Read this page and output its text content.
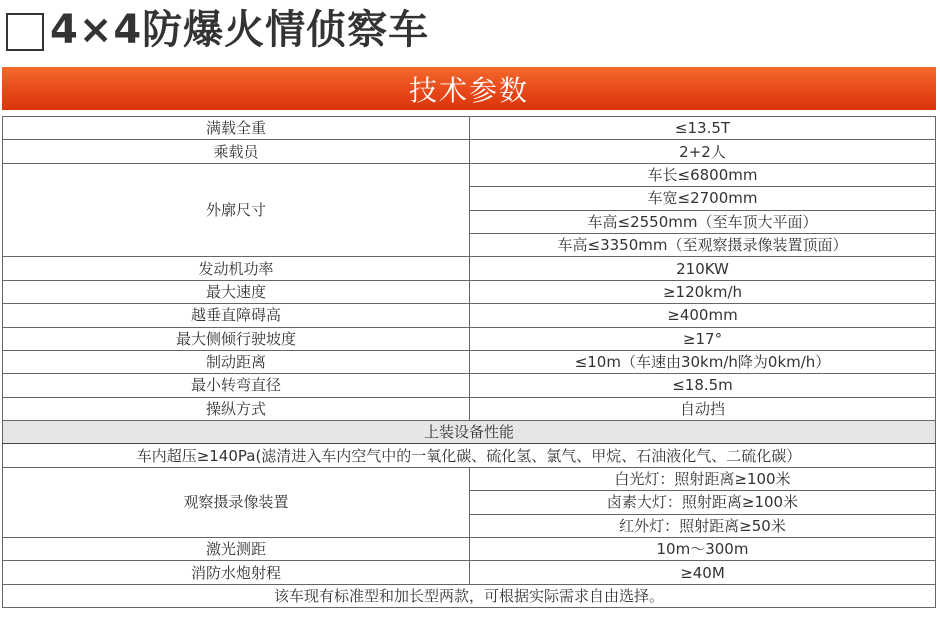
4×4防爆火情侦察车
技术参数
满载全重	≤13.5T
乘载员	2+2人
外廓尺寸	车长≤6800mm
	车宽≤2700mm
	车高≤2550mm（至车顶大平面）
	车高≤3350mm（至观察摄录像装置顶面）
发动机功率	210KW
最大速度	≥120km/h
越垂直障碍高	≥400mm
最大侧倾行驶坡度	≥17°
制动距离	≤10m（车速由30km/h降为0km/h）
最小转弯直径	≤18.5m
操纵方式	自动挡
上装设备性能	
车内超压≥140Pa(滤清进入车内空气中的一氧化碳、硫化氢、氯气、甲烷、石油液化气、二硫化碳）	
观察摄录像装置	白光灯：照射距离≥100米
	卤素大灯：照射距离≥100米
	红外灯：照射距离≥50米
激光测距	10m～300m
消防水炮射程	≥40M
该车现有标准型和加长型两款，可根据实际需求自由选择。	
